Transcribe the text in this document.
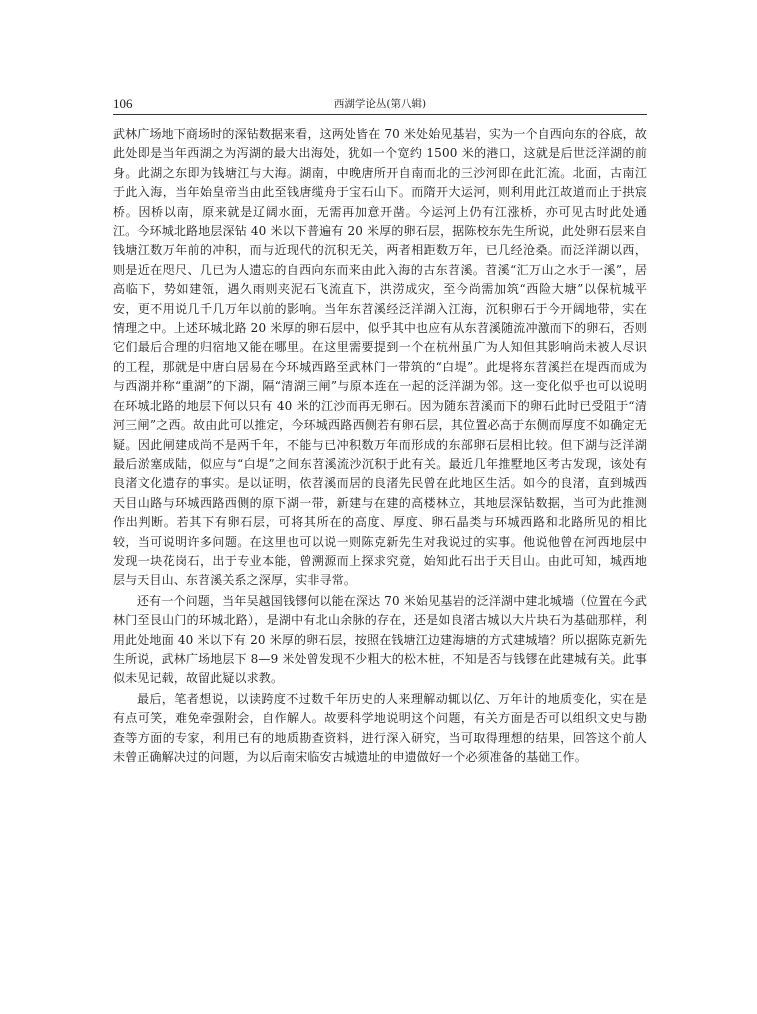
106	西湖学论丛(第八辑)

武林广场地下商场时的深钻数据来看，这两处皆在 70 米处始见基岩，实为一个自西向东的谷底，故此处即是当年西湖之为泻湖的最大出海处，犹如一个宽约 1500 米的港口，这就是后世泛洋湖的前身。此湖之东即为钱塘江与大海。湖南，中晚唐所开自南而北的三沙河即在此汇流。北面，古南江于此入海，当年始皇帝当由此至钱唐缆舟于宝石山下。而隋开大运河，则利用此江故道而止于拱宸桥。因桥以南，原来就是辽阔水面，无需再加意开凿。今运河上仍有江涨桥，亦可见古时此处通江。今环城北路地层深钻 40 米以下普遍有 20 米厚的卵石层，据陈校东先生所说，此处卵石层来自钱塘江数万年前的冲积，而与近现代的沉积无关，两者相距数万年，已几经沧桑。而泛洋湖以西，则是近在咫尺、几已为人遗忘的自西向东而来由此入海的古东苕溪。苕溪“汇万山之水于一溪”，居高临下，势如建瓴，遇久雨则夹泥石飞流直下，洪涝成灾，至今尚需加筑“西险大塘”以保杭城平安，更不用说几千几万年以前的影响。当年东苕溪经泛洋湖入江海，沉积卵石于今开阔地带，实在情理之中。上述环城北路 20 米厚的卵石层中，似乎其中也应有从东苕溪随流冲激而下的卵石，否则它们最后合理的归宿地又能在哪里。在这里需要提到一个在杭州虽广为人知但其影响尚未被人尽识的工程，那就是中唐白居易在今环城西路至武林门一带筑的“白堤”。此堤将东苕溪拦在堤西而成为与西湖并称“重湖”的下湖，隔“清湖三闸”与原本连在一起的泛洋湖为邻。这一变化似乎也可以说明在环城北路的地层下何以只有 40 米的江沙而再无卵石。因为随东苕溪而下的卵石此时已受阻于“清河三闸”之西。故由此可以推定，今环城西路西侧若有卵石层，其位置必高于东侧而厚度不如确定无疑。因此闸建成尚不是两千年，不能与已冲积数万年而形成的东部卵石层相比较。但下湖与泛洋湖最后淤塞成陆，似应与“白堤”之间东苕溪流沙沉积于此有关。最近几年推墅地区考古发现，该处有良渚文化遗存的事实。是以证明，依苕溪而居的良渚先民曾在此地区生活。如今的良渚，直到城西天目山路与环城西路西侧的原下湖一带，新建与在建的高楼林立，其地层深钻数据，当可为此推测作出判断。若其下有卵石层，可将其所在的高度、厚度、卵石晶类与环城西路和北路所见的相比较，当可说明许多问题。在这里也可以说一则陈克新先生对我说过的实事。他说他曾在河西地层中发现一块花岗石，出于专业本能，曾溯源而上探求究竟，始知此石出于天目山。由此可知，城西地层与天目山、东苕溪关系之深厚，实非寻常。

还有一个问题，当年吴越国钱镠何以能在深达 70 米始见基岩的泛洋湖中建北城墙（位置在今武林门至艮山门的环城北路），是湖中有北山余脉的存在，还是如良渚古城以大片块石为基础那样，利用此处地面 40 米以下有 20 米厚的卵石层，按照在钱塘江边建海塘的方式建城墙？所以据陈克新先生所说，武林广场地层下 8—9 米处曾发现不少粗大的松木桩，不知是否与钱镠在此建城有关。此事似未见记载，故留此疑以求教。

最后，笔者想说，以读跨度不过数千年历史的人来理解动辄以亿、万年计的地质变化，实在是有点可笑，难免牵强附会，自作解人。故要科学地说明这个问题，有关方面是否可以组织文史与勘查等方面的专家，利用已有的地质勘查资料，进行深入研究，当可取得理想的结果，回答这个前人未曾正确解决过的问题，为以后南宋临安古城遗址的申遗做好一个必须准备的基础工作。
